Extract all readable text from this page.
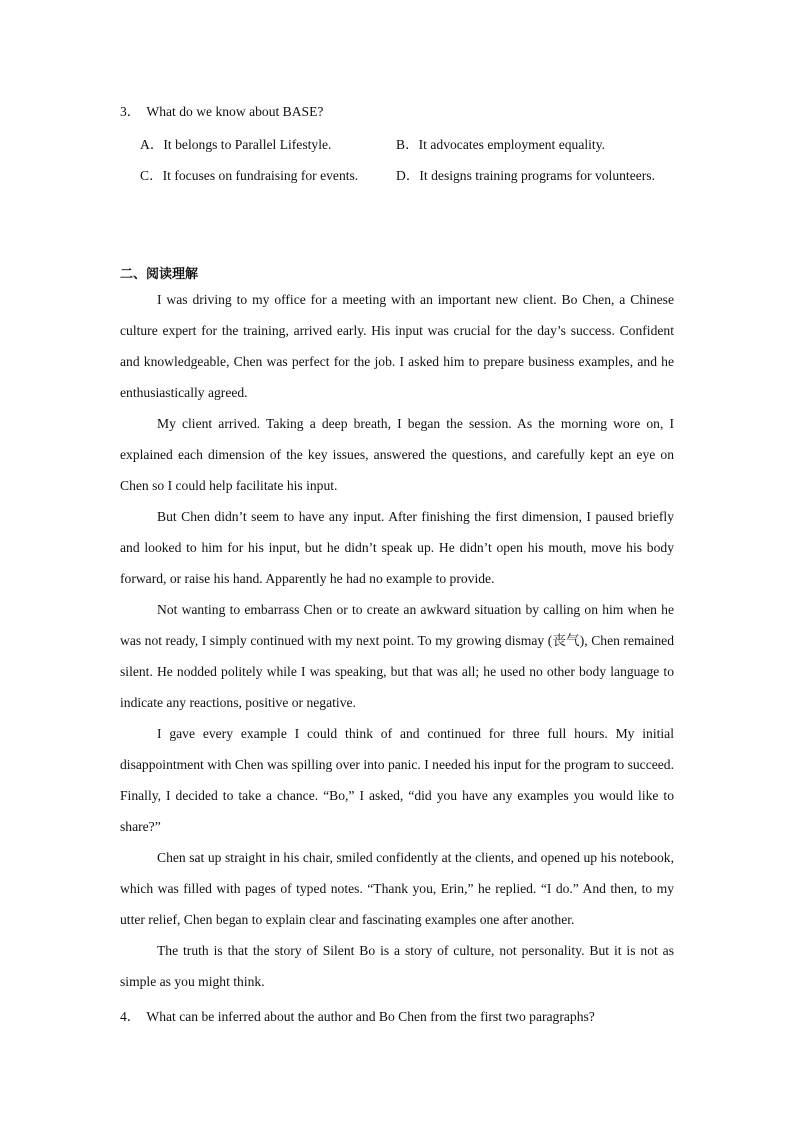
3． What do we know about BASE?
A．It belongs to Parallel Lifestyle.	B．It advocates employment equality.
C．It focuses on fundraising for events.	D．It designs training programs for volunteers.
二、阅读理解

I was driving to my office for a meeting with an important new client. Bo Chen, a Chinese culture expert for the training, arrived early. His input was crucial for the day’s success. Confident and knowledgeable, Chen was perfect for the job. I asked him to prepare business examples, and he enthusiastically agreed.

My client arrived. Taking a deep breath, I began the session. As the morning wore on, I explained each dimension of the key issues, answered the questions, and carefully kept an eye on Chen so I could help facilitate his input.

But Chen didn’t seem to have any input. After finishing the first dimension, I paused briefly and looked to him for his input, but he didn’t speak up. He didn’t open his mouth, move his body forward, or raise his hand. Apparently he had no example to provide.

Not wanting to embarrass Chen or to create an awkward situation by calling on him when he was not ready, I simply continued with my next point. To my growing dismay (丧气), Chen remained silent. He nodded politely while I was speaking, but that was all; he used no other body language to indicate any reactions, positive or negative.

I gave every example I could think of and continued for three full hours. My initial disappointment with Chen was spilling over into panic. I needed his input for the program to succeed. Finally, I decided to take a chance. “Bo,” I asked, “did you have any examples you would like to share?”

Chen sat up straight in his chair, smiled confidently at the clients, and opened up his notebook, which was filled with pages of typed notes. “Thank you, Erin,” he replied. “I do.” And then, to my utter relief, Chen began to explain clear and fascinating examples one after another.

The truth is that the story of Silent Bo is a story of culture, not personality. But it is not as simple as you might think.

4． What can be inferred about the author and Bo Chen from the first two paragraphs?
